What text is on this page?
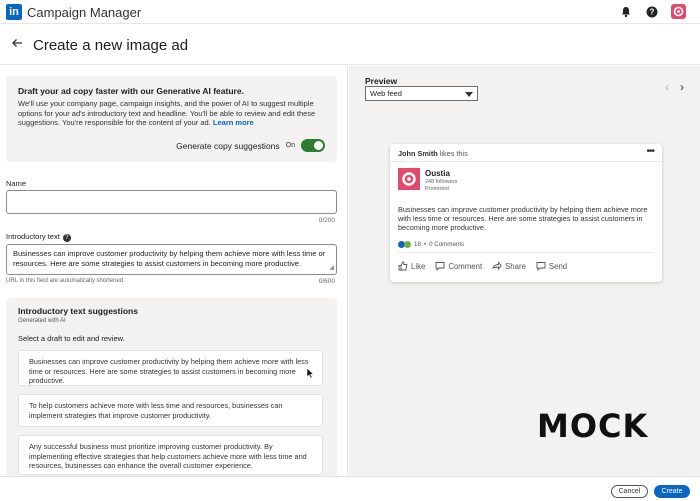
in Campaign Manager	?
Create a new image ad
Draft your ad copy faster with our Generative AI feature.
We'll use your company page, campaign insights, and the power of AI to suggest multiple options for your ad's introductory text and headline. You'll be able to review and edit these suggestions. You're responsible for the content of your ad. Learn more
Generate copy suggestions On
Name
0/200
Introductory text ?
Businesses can improve customer productivity by helping them achieve more with less time or resources. Here are some strategies to assist customers in becoming more productive.	◢
URL in this field are automatically shortened	0/600
Introductory text suggestions
Generated with AI
Select a draft to edit and review.
Businesses can improve customer productivity by helping them achieve more with less time or resources. Here are some strategies to assist customers in becoming more productive.
To help customers achieve more with less time and resources, businesses can implement strategies that improve customer productivity.
Any successful business must prioritize improving customer productivity. By implementing effective strategies that help customers achieve more with less time and resources, businesses can enhance the overall customer experience.
Preview
Web feed	‹ ›
John Smith likes this	•••
Oustia
248 followers
Promoted
Businesses can improve customer productivity by helping them achieve more with less time or resources. Here are some strategies to assist customers in becoming more productive.
18 • 0 Comments
Like	Comment	Share	Send
MOCK
Cancel	Create
